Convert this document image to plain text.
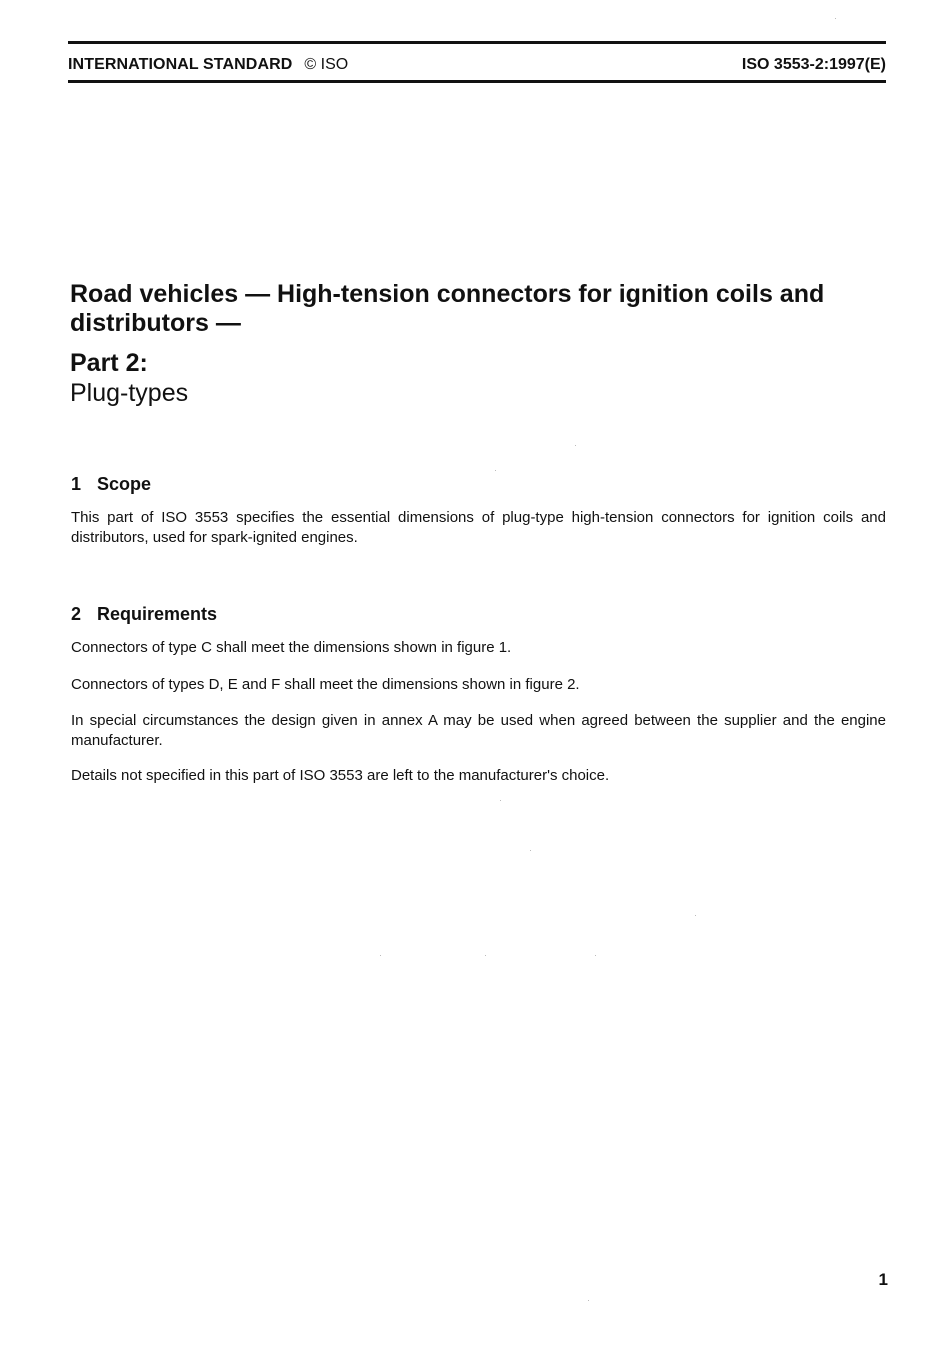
INTERNATIONAL STANDARD © ISO	ISO 3553-2:1997(E)
Road vehicles — High-tension connectors for ignition coils and distributors —
Part 2:
Plug-types
1 Scope

This part of ISO 3553 specifies the essential dimensions of plug-type high-tension connectors for ignition coils and distributors, used for spark-ignited engines.

2 Requirements

Connectors of type C shall meet the dimensions shown in figure 1.

Connectors of types D, E and F shall meet the dimensions shown in figure 2.

In special circumstances the design given in annex A may be used when agreed between the supplier and the engine manufacturer.

Details not specified in this part of ISO 3553 are left to the manufacturer's choice.

1
